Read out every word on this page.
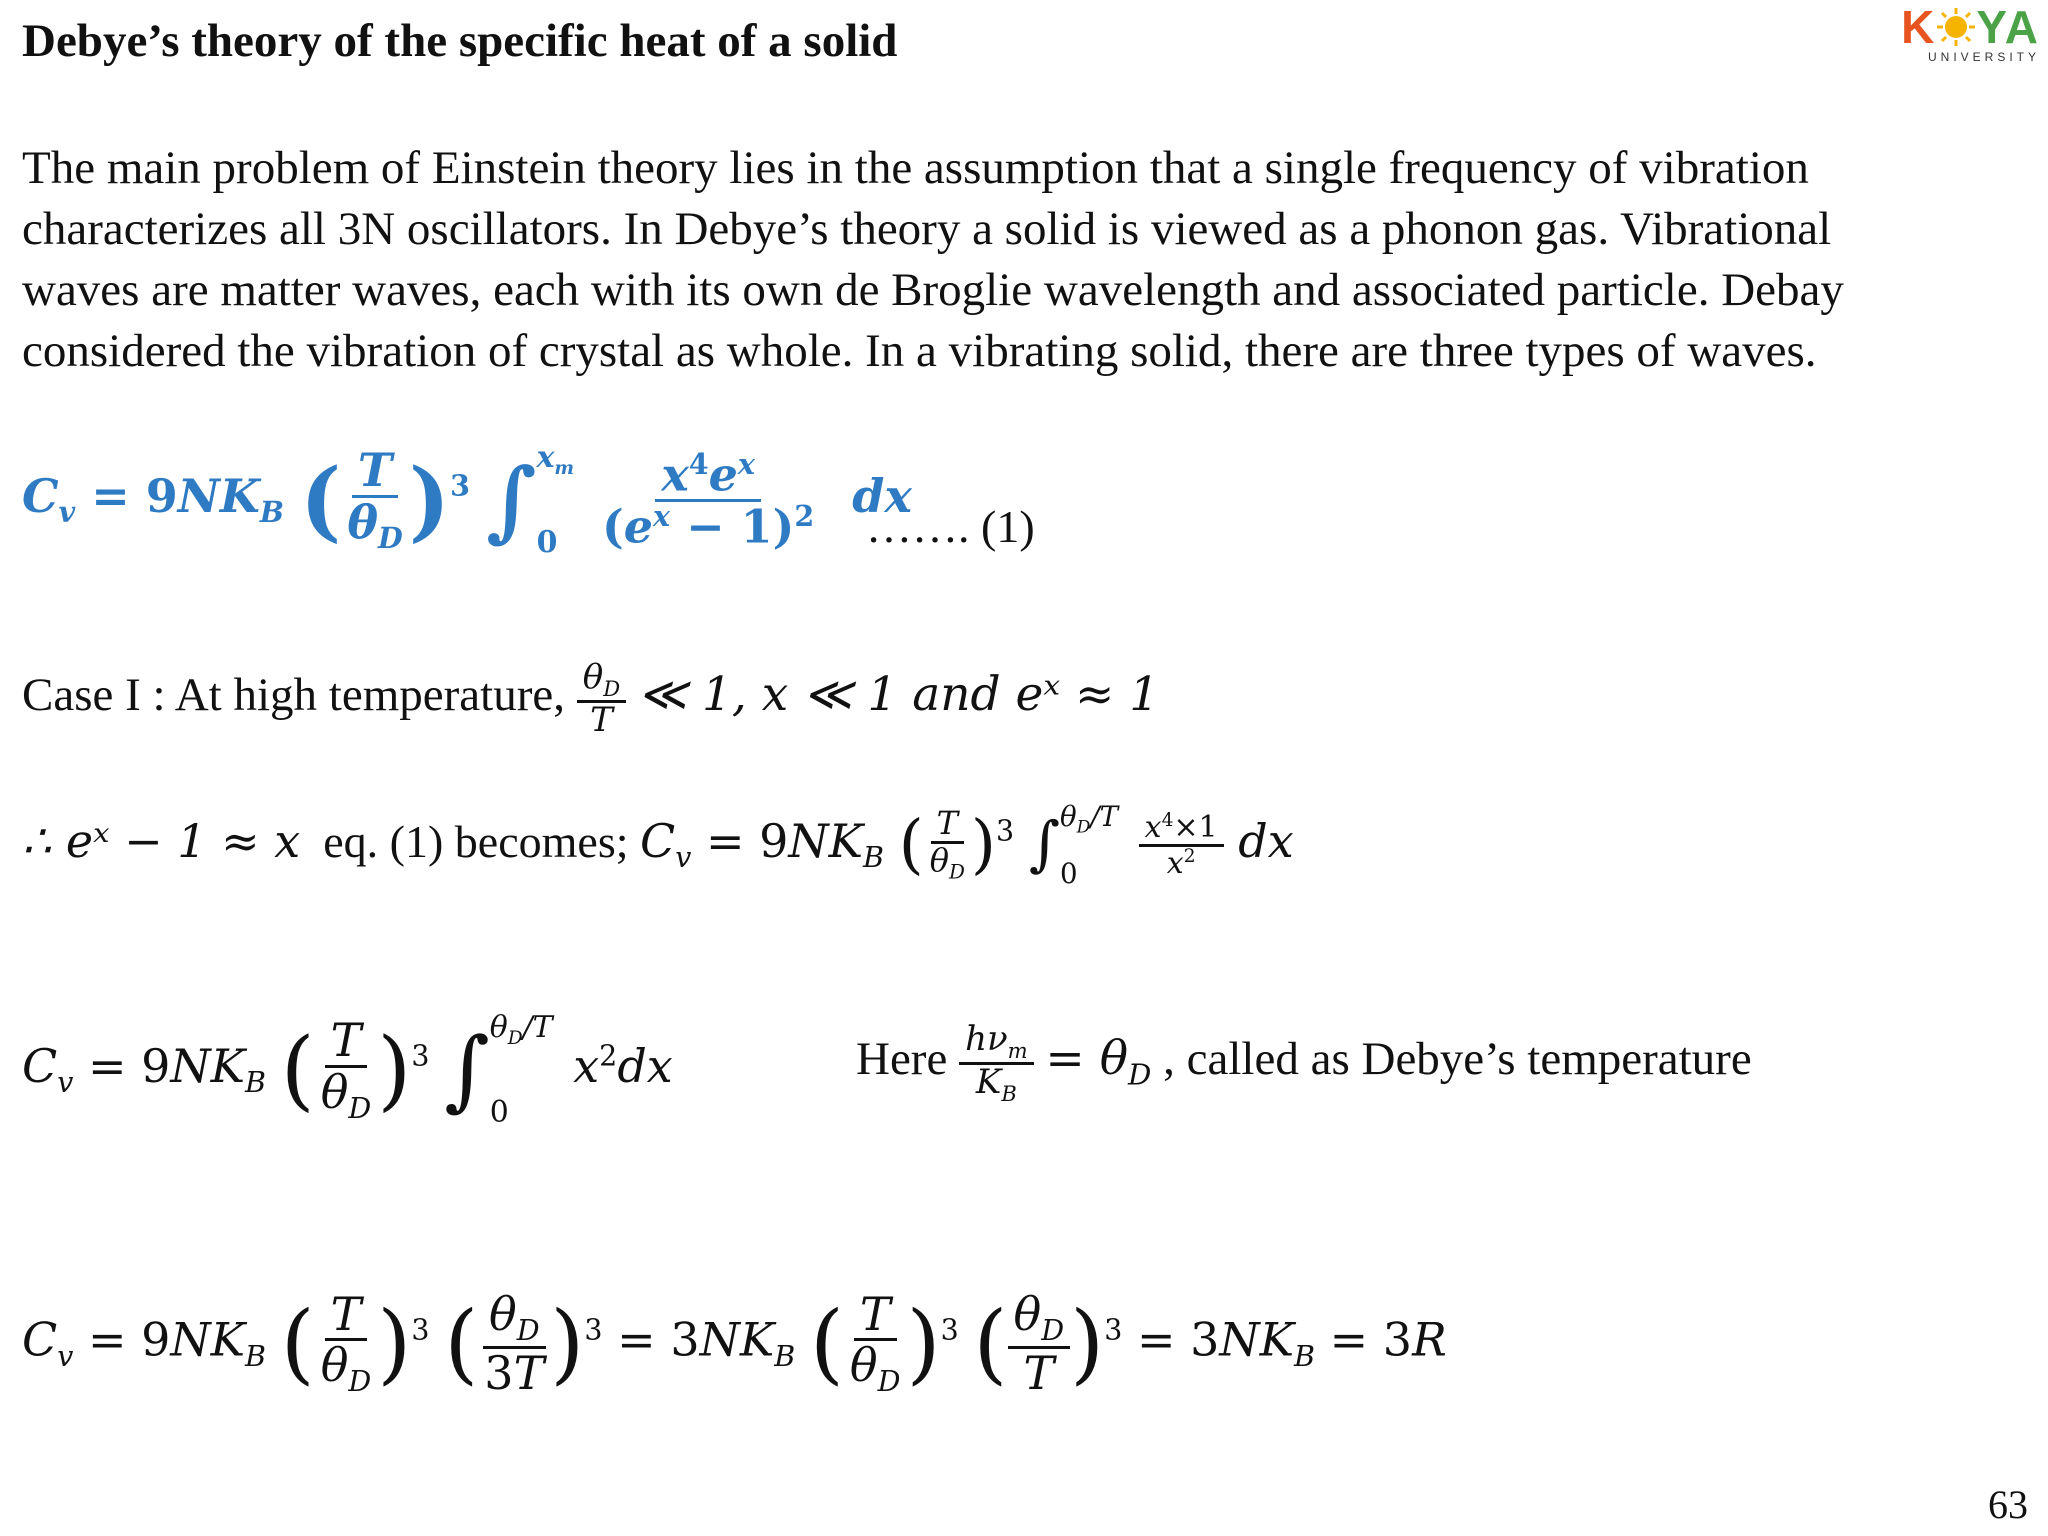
Debye’s theory of the specific heat of a solid	K YA
UNIVERSITY
The main problem of Einstein theory lies in the assumption that a single frequency of vibration
characterizes all 3N oscillators. In Debye’s theory a solid is viewed as a phonon gas. Vibrational
waves are matter waves, each with its own de Broglie wavelength and associated particle. Debay
considered the vibration of crystal as whole. In a vibrating solid, there are three types of waves.
$C_v = 9NK_B$ ( $\frac{T}{\theta_D} )^3$ ∫ $x_m$
0
$\frac{x^4e^x}{(e^x - 1)^2}$ dx
……. (1)
Case I : At high temperature, $\frac{\theta_D}{T}$ ≪ 1, x ≪ 1 and eˣ ≈ 1
∴ eˣ − 1 ≈ x eq. (1) becomes; $C_v = 9NK_B$ ( $\frac{T}{\theta_D} )^3$ ∫ $\theta_D/T$
0
	$\frac{x^4\times 1}{x^2}$ dx
$C_v = 9NK_B$ ( $\frac{T}{\theta_D} )^3$ ∫ $\theta_D/T$
0
$x^2dx$	Here $\frac{h\nu_m}{K_B} = \theta_D$ , called as Debye’s temperature
$C_v = 9NK_B$ ( $\frac{T}{\theta_D} )^3$ ( $\frac{\theta_D}{3T} )^3 = 3NK_B$ ( $\frac{T}{\theta_D} )^3$ ( $\frac{\theta_D}{T} )^3 = 3NK_B = 3R$
63
